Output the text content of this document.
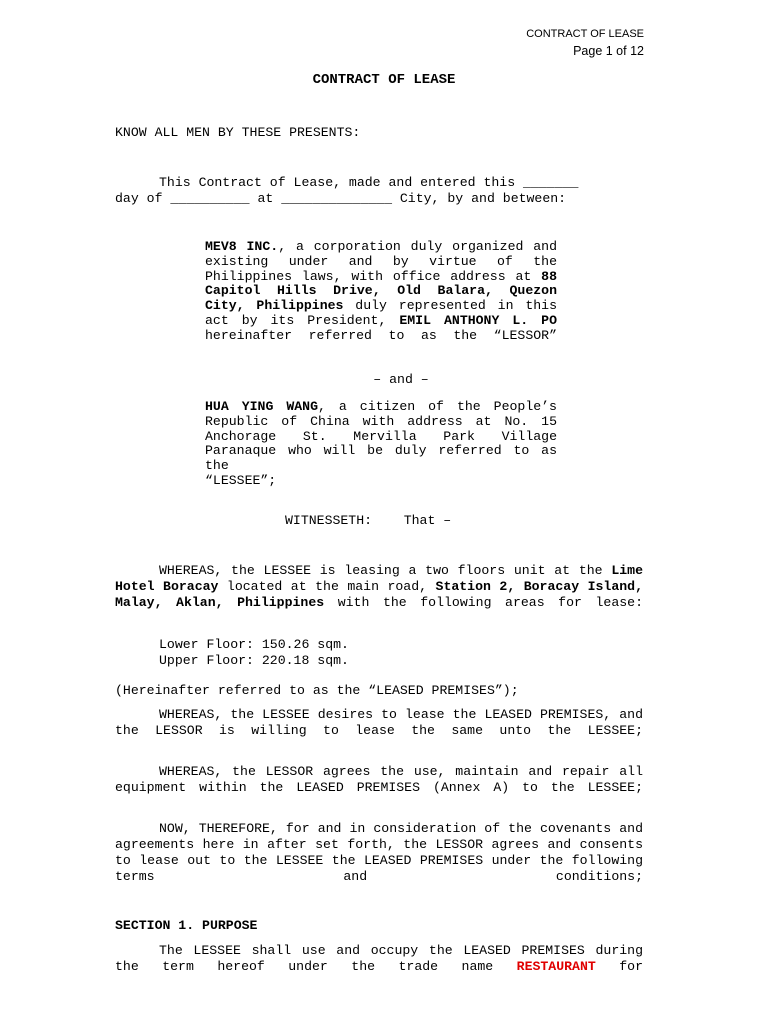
CONTRACT OF LEASE
Page 1 of 12
CONTRACT OF LEASE
KNOW ALL MEN BY THESE PRESENTS:
This Contract of Lease, made and entered this _______
day of __________ at ______________ City, by and between:
MEV8 INC., a corporation duly organized and existing under and by virtue of the Philippines laws, with office address at 88 Capitol Hills Drive, Old Balara, Quezon City, Philippines duly represented in this act by its President, EMIL ANTHONY L. PO hereinafter referred to as the “LESSOR”
– and –
HUA YING WANG, a citizen of the People’s Republic of China with address at No. 15 Anchorage St. Mervilla Park Village Paranaque who will be duly referred to as the
“LESSEE”;
WITNESSETH:    That –
WHEREAS, the LESSEE is leasing a two floors unit at the Lime Hotel Boracay located at the main road, Station 2, Boracay Island, Malay, Aklan, Philippines with the following areas for lease:
Lower Floor: 150.26 sqm.
Upper Floor: 220.18 sqm.
(Hereinafter referred to as the “LEASED PREMISES”);
WHEREAS, the LESSEE desires to lease the LEASED PREMISES, and the LESSOR is willing to lease the same unto the LESSEE;
WHEREAS, the LESSOR agrees the use, maintain and repair all equipment within the LEASED PREMISES (Annex A) to the LESSEE;
NOW, THEREFORE, for and in consideration of the covenants and agreements here in after set forth, the LESSOR agrees and consents to lease out to the LESSEE the LEASED PREMISES under the following terms and conditions;
SECTION 1. PURPOSE
The LESSEE shall use and occupy the LEASED PREMISES during the term hereof under the trade name RESTAURANT for
